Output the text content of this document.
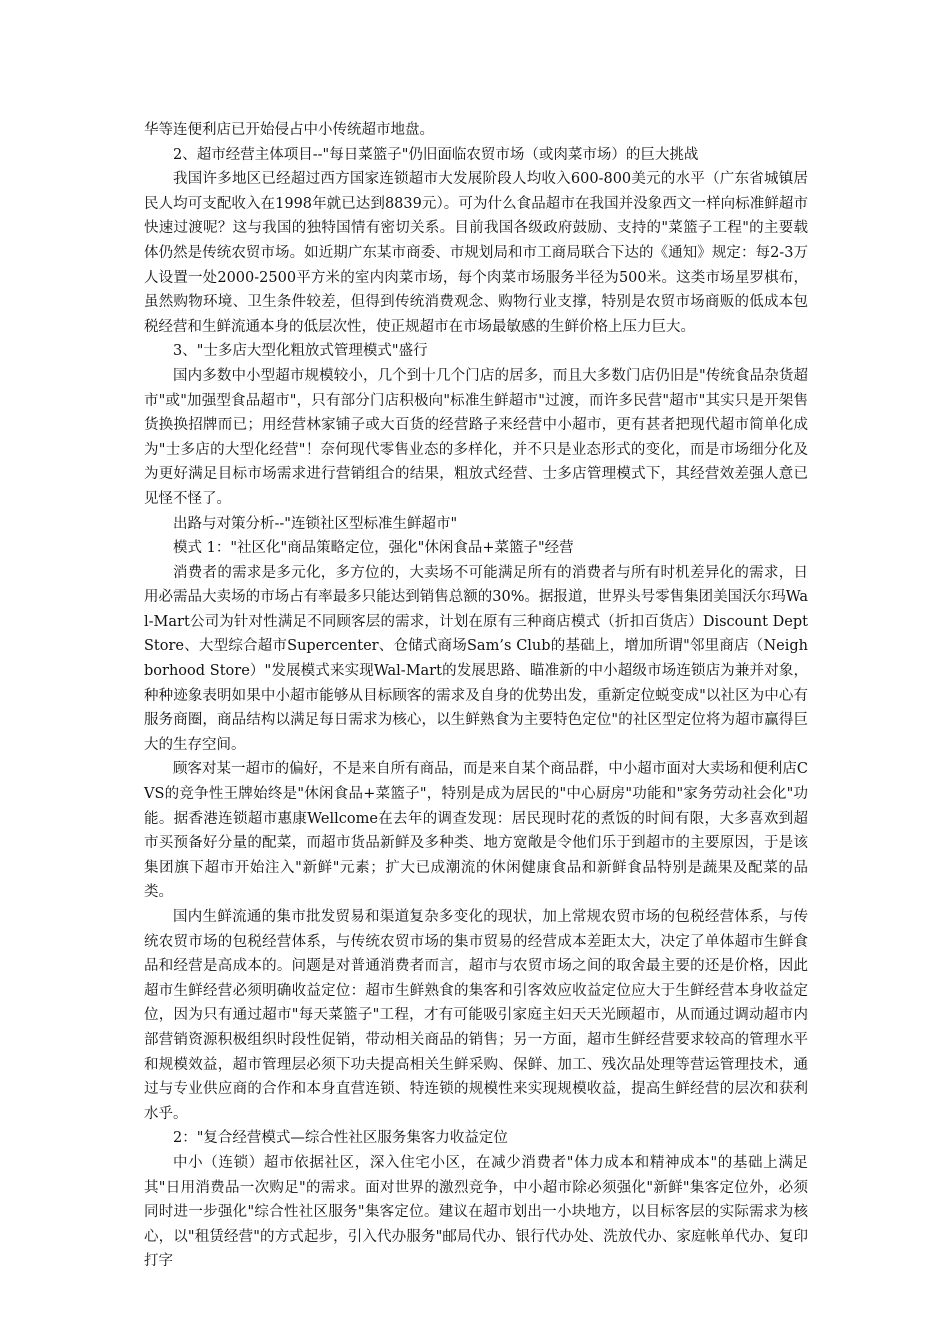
华等连便利店已开始侵占中小传统超市地盘。

2、超市经营主体项目--"每日菜篮子"仍旧面临农贸市场（或肉菜市场）的巨大挑战

我国许多地区已经超过西方国家连锁超市大发展阶段人均收入600-800美元的水平（广东省城镇居民人均可支配收入在1998年就已达到8839元）。可为什么食品超市在我国并没象西文一样向标准鲜超市快速过渡呢？这与我国的独特国情有密切关系。目前我国各级政府鼓励、支持的"菜篮子工程"的主要载体仍然是传统农贸市场。如近期广东某市商委、市规划局和市工商局联合下达的《通知》规定：每2-3万人设置一处2000-2500平方米的室内肉菜市场，每个肉菜市场服务半径为500米。这类市场星罗棋布，虽然购物环境、卫生条件较差，但得到传统消费观念、购物行业支撑，特别是农贸市场商贩的低成本包税经营和生鲜流通本身的低层次性，使正规超市在市场最敏感的生鲜价格上压力巨大。

3、"士多店大型化粗放式管理模式"盛行

国内多数中小型超市规模较小，几个到十几个门店的居多，而且大多数门店仍旧是"传统食品杂货超市"或"加强型食品超市"，只有部分门店积极向"标准生鲜超市"过渡，而许多民营"超市"其实只是开架售货换换招牌而已；用经营林家铺子或大百货的经营路子来经营中小超市，更有甚者把现代超市简单化成为"士多店的大型化经营"！奈何现代零售业态的多样化，并不只是业态形式的变化，而是市场细分化及为更好满足目标市场需求进行营销组合的结果，粗放式经营、士多店管理模式下，其经营效差强人意已见怪不怪了。

出路与对策分析--"连锁社区型标准生鲜超市"

模式 1："社区化"商品策略定位，强化"休闲食品+菜篮子"经营

消费者的需求是多元化，多方位的，大卖场不可能满足所有的消费者与所有时机差异化的需求，日用必需品大卖场的市场占有率最多只能达到销售总额的30%。据报道，世界头号零售集团美国沃尔玛Wal-Mart公司为针对性满足不同顾客层的需求，计划在原有三种商店模式（折扣百货店）Discount Dept Store、大型综合超市Supercenter、仓储式商场Sam’s Club的基础上，增加所谓"邻里商店（Neighborhood Store）"发展模式来实现Wal-Mart的发展思路、瞄准新的中小超级市场连锁店为兼并对象，种种迹象表明如果中小超市能够从目标顾客的需求及自身的优势出发，重新定位蜕变成"以社区为中心有服务商圈，商品结构以满足每日需求为核心，以生鲜熟食为主要特色定位"的社区型定位将为超市赢得巨大的生存空间。

顾客对某一超市的偏好，不是来自所有商品，而是来自某个商品群，中小超市面对大卖场和便利店CVS的竞争性王牌始终是"休闲食品+菜篮子"，特别是成为居民的"中心厨房"功能和"家务劳动社会化"功能。据香港连锁超市惠康Wellcome在去年的调查发现：居民现时花的煮饭的时间有限，大多喜欢到超市买预备好分量的配菜，而超市货品新鲜及多种类、地方宽敞是令他们乐于到超市的主要原因，于是该集团旗下超市开始注入"新鲜"元素；扩大已成潮流的休闲健康食品和新鲜食品特别是蔬果及配菜的品类。

国内生鲜流通的集市批发贸易和渠道复杂多变化的现状，加上常规农贸市场的包税经营体系，与传统农贸市场的包税经营体系，与传统农贸市场的集市贸易的经营成本差距太大，决定了单体超市生鲜食品和经营是高成本的。问题是对普通消费者而言，超市与农贸市场之间的取舍最主要的还是价格，因此超市生鲜经营必须明确收益定位：超市生鲜熟食的集客和引客效应收益定位应大于生鲜经营本身收益定位，因为只有通过超市"每天菜篮子"工程，才有可能吸引家庭主妇天天光顾超市，从而通过调动超市内部营销资源积极组织时段性促销，带动相关商品的销售；另一方面，超市生鲜经营要求较高的管理水平和规模效益，超市管理层必须下功夫提高相关生鲜采购、保鲜、加工、残次品处理等营运管理技术，通过与专业供应商的合作和本身直营连锁、特连锁的规模性来实现规模收益，提高生鲜经营的层次和获利水乎。

2："复合经营模式—综合性社区服务集客力收益定位

中小（连锁）超市依据社区，深入住宅小区，在减少消费者"体力成本和精神成本"的基础上满足其"日用消费品一次购足"的需求。面对世界的激烈竞争，中小超市除必须强化"新鲜"集客定位外，必须同时进一步强化"综合性社区服务"集客定位。建议在超市划出一小块地方，以目标客层的实际需求为核心，以"租赁经营"的方式起步，引入代办服务"邮局代办、银行代办处、洗放代办、家庭帐单代办、复印打字
